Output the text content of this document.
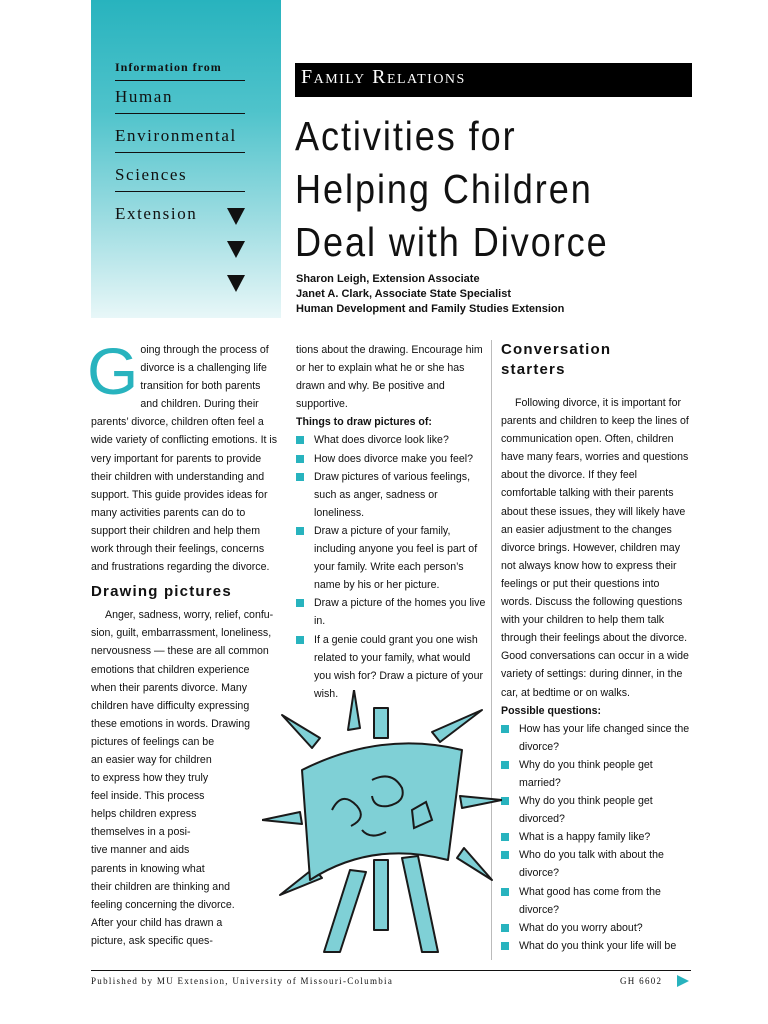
Information from
Human
Environmental
Sciences
Extension
Family Relations
Activities for
Helping Children
Deal with Divorce
Sharon Leigh, Extension Associate
Janet A. Clark, Associate State Specialist
Human Development and Family Studies Extension

Going through the process of divorce is a challenging life transition for both parents and children. During their parents’ divorce, children often feel a wide variety of conflicting emotions. It is very important for parents to provide their children with understanding and support. This guide provides ideas for many activities parents can do to support their children and help them work through their feelings, concerns and frustrations regarding the divorce.

Drawing pictures
Anger, sadness, worry, relief, confu-
sion, guilt, embarrassment, loneliness,
nervousness — these are all common
emotions that children experience
when their parents divorce. Many
children have difficulty expressing
these emotions in words. Drawing
pictures of feelings can be
an easier way for children
to express how they truly
feel inside. This process
helps children express
themselves in a posi-
tive manner and aids
parents in knowing what
their children are thinking and
feeling concerning the divorce.
After your child has drawn a
picture, ask specific ques-

tions about the drawing. Encourage him or her to explain what he or she has drawn and why. Be positive and supportive.

Things to draw pictures of:
What does divorce look like?
How does divorce make you feel?
Draw pictures of various feelings, such as anger, sadness or loneliness.
Draw a picture of your family, including anyone you feel is part of your family. Write each person’s name by his or her picture.
Draw a picture of the homes you live in.
If a genie could grant you one wish related to your family, what would you wish for? Draw a picture of your wish.
Conversation
starters

Following divorce, it is important for parents and children to keep the lines of communication open. Often, children have many fears, worries and questions about the divorce. If they feel comfortable talking with their parents about these issues, they will likely have an easier adjustment to the changes divorce brings. However, children may not always know how to express their feelings or put their questions into words. Discuss the following questions with your children to help them talk through their feelings about the divorce. Good conversations can occur in a wide variety of settings: during dinner, in the car, at bedtime or on walks.

Possible questions:
How has your life changed since the divorce?
Why do you think people get married?
Why do you think people get divorced?
What is a happy family like?
Who do you talk with about the divorce?
What good has come from the divorce?
What do you worry about?
What do you think your life will be
Published by MU Extension, University of Missouri-Columbia	GH 6602
